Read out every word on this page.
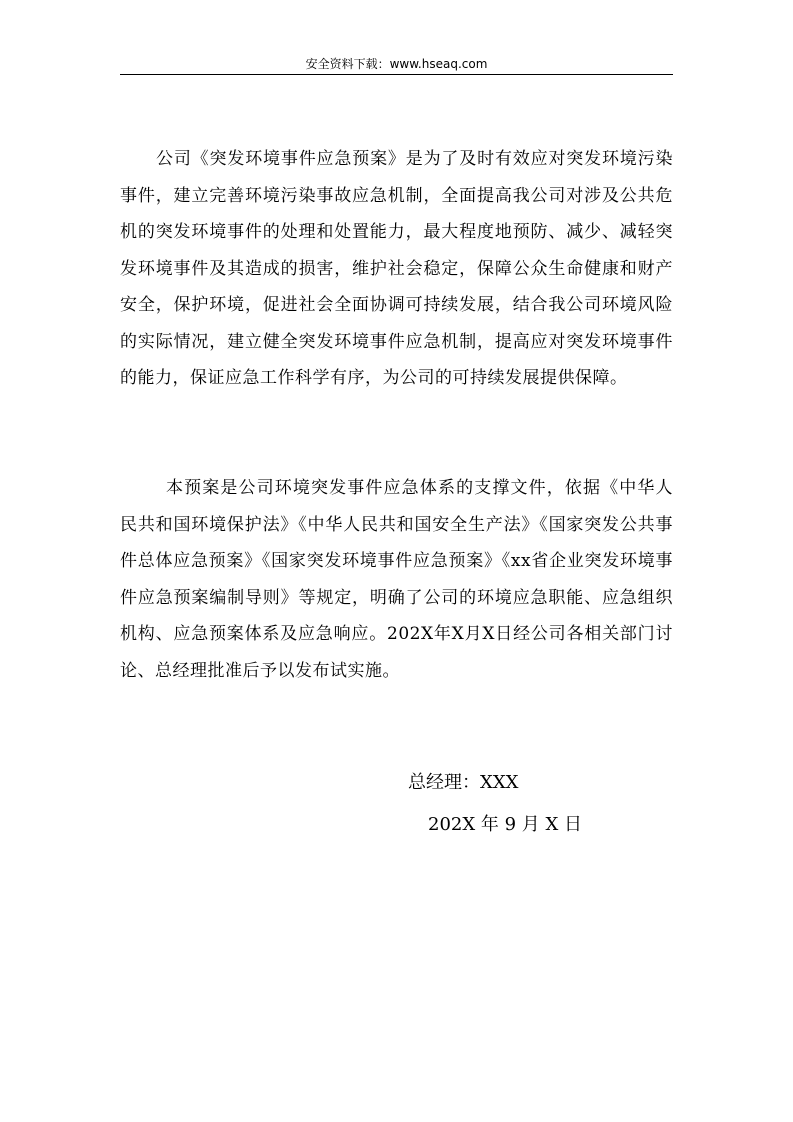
安全资料下载：www.hseaq.com

公司《突发环境事件应急预案》是为了及时有效应对突发环境污染事件，建立完善环境污染事故应急机制，全面提高我公司对涉及公共危机的突发环境事件的处理和处置能力，最大程度地预防、减少、减轻突发环境事件及其造成的损害，维护社会稳定，保障公众生命健康和财产安全，保护环境，促进社会全面协调可持续发展，结合我公司环境风险的实际情况，建立健全突发环境事件应急机制，提高应对突发环境事件的能力，保证应急工作科学有序，为公司的可持续发展提供保障。

本预案是公司环境突发事件应急体系的支撑文件，依据《中华人民共和国环境保护法》《中华人民共和国安全生产法》《国家突发公共事件总体应急预案》《国家突发环境事件应急预案》《xx省企业突发环境事件应急预案编制导则》等规定，明确了公司的环境应急职能、应急组织机构、应急预案体系及应急响应。202X年X月X日经公司各相关部门讨论、总经理批准后予以发布试实施。

总经理：XXX
202X 年 9 月 X 日
